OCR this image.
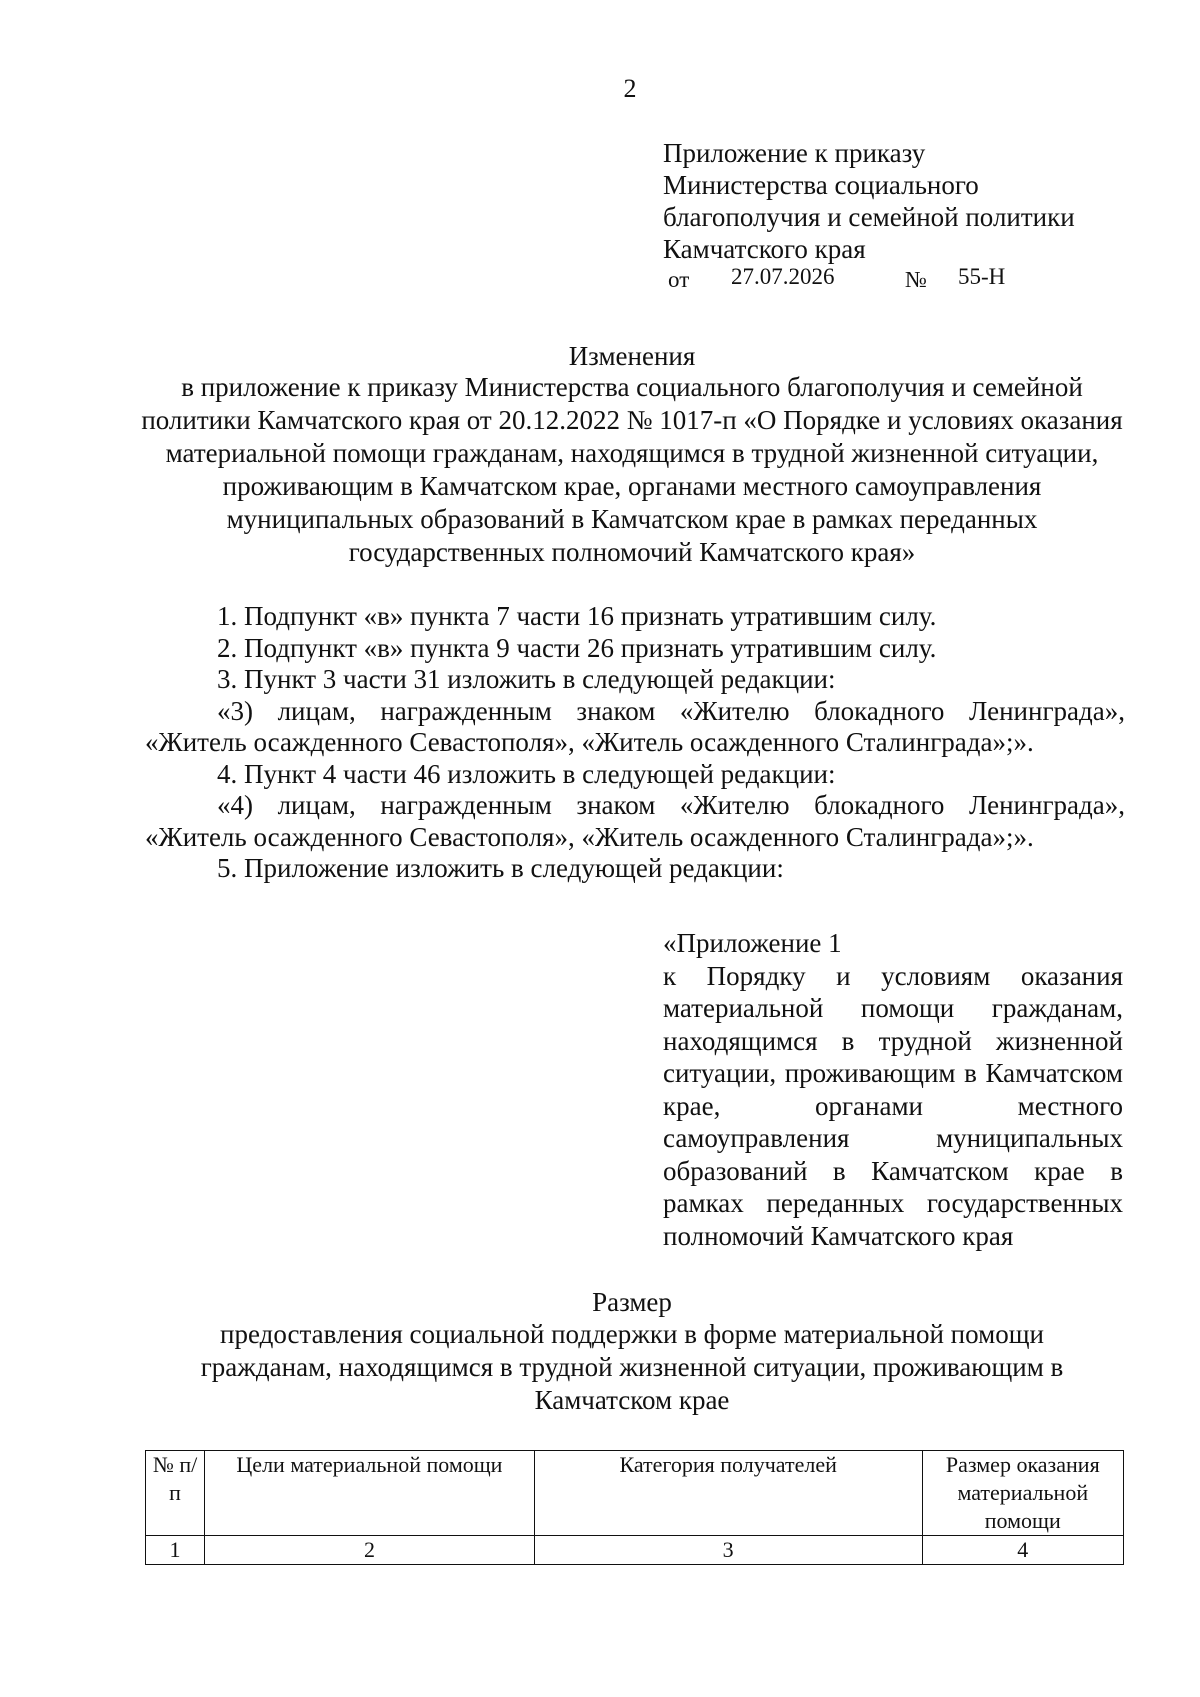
2
Приложение к приказу
Министерства социального
благополучия и семейной политики
Камчатского края
от 27.07.2026	№ 55-Н
Изменения
в приложение к приказу Министерства социального благополучия и семейной политики Камчатского края от 20.12.2022 № 1017-п «О Порядке и условиях оказания материальной помощи гражданам, находящимся в трудной жизненной ситуации, проживающим в Камчатском крае, органами местного самоуправления муниципальных образований в Камчатском крае в рамках переданных государственных полномочий Камчатского края»

1. Подпункт «в» пункта 7 части 16 признать утратившим силу.

2. Подпункт «в» пункта 9 части 26 признать утратившим силу.

3. Пункт 3 части 31 изложить в следующей редакции:

«3) лицам, награжденным знаком «Жителю блокадного Ленинграда», «Житель осажденного Севастополя», «Житель осажденного Сталинграда»;».

4. Пункт 4 части 46 изложить в следующей редакции:

«4) лицам, награжденным знаком «Жителю блокадного Ленинграда», «Житель осажденного Севастополя», «Житель осажденного Сталинграда»;».

5. Приложение изложить в следующей редакции:

«Приложение 1
к Порядку и условиям оказания материальной помощи гражданам, находящимся в трудной жизненной ситуации, проживающим в Камчатском крае, органами местного самоуправления муниципальных образований в Камчатском крае в рамках переданных государственных полномочий Камчатского края
Размер
предоставления социальной поддержки в форме материальной помощи гражданам, находящимся в трудной жизненной ситуации, проживающим в Камчатском крае
№ п/п	Цели материальной помощи	Категория получателей	Размер оказания материальной помощи
1	2	3	4
